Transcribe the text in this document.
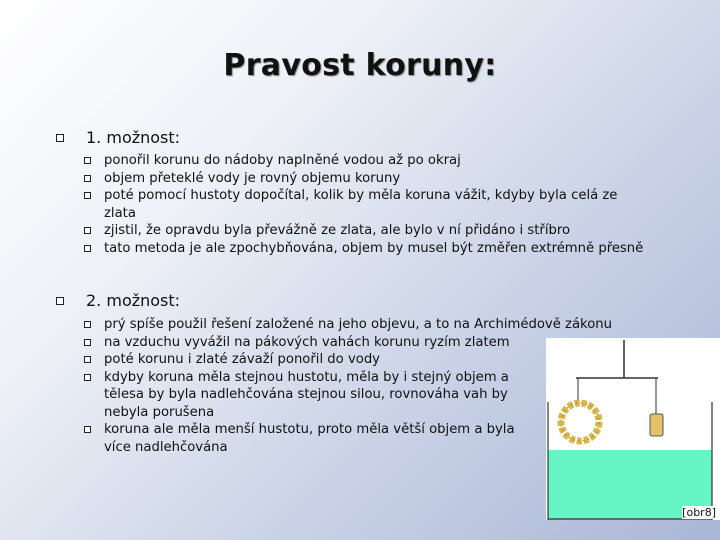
Pravost koruny:
1. možnost:
ponořil korunu do nádoby naplněné vodou až po okraj
objem přeteklé vody je rovný objemu koruny
poté pomocí hustoty dopočítal, kolik by měla koruna vážit, kdyby byla celá ze zlata
zjistil, že opravdu byla převážně ze zlata, ale bylo v ní přidáno i stříbro
tato metoda je ale zpochybňována, objem by musel být změřen extrémně přesně
2. možnost:
prý spíše použil řešení založené na jeho objevu, a to na Archimédově zákonu
na vzduchu vyvážil na pákových vahách korunu ryzím zlatem
poté korunu i zlaté závaží ponořil do vody
kdyby koruna měla stejnou hustotu, měla by i stejný objem a tělesa by byla nadlehčována stejnou silou, rovnováha vah by nebyla porušena
koruna ale měla menší hustotu, proto měla větší objem a byla více nadlehčována
[obr8]
